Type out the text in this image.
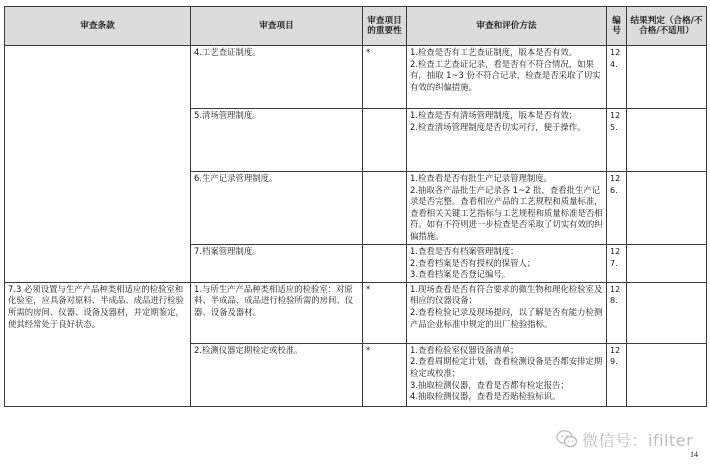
审查条款	审查项目	审查项目的重要性	审查和评价方法	编号	结果判定（合格/不合格/不适用）
	4.工艺查证制度。	*	1.检查是否有工艺查证制度，版本是否有效。
2.检查工艺查证记录，看是否有不符合情况，如果有，抽取 1~3 份不符合记录，检查是否采取了切实有效的纠偏措施。	124.	
	5.清场管理制度。		1.检查是否有清场管理制度，版本是否有效；
2.检查清场管理制度是否切实可行，便于操作。	125.	
	6.生产记录管理制度。		1.检查看是否有批生产记录管理制度。
2.抽取各产品批生产记录各 1~2 批，查看批生产记录是否完整。查看相应产品的工艺规程和质量标准，查看相关关键工艺指标与工艺规程和质量标准是否相符。如有不符则进一步检查是否采取了切实有效的纠偏措施。	126.	
	7.档案管理制度。		1.查看是否有档案管理制度；
2.查看档案是否有授权的保管人；
3.查看档案是否登记编号。	127.	
7.3 必须设置与生产产品种类相适应的检验室和化验室，应具备对原料、半成品、成品进行检验所需的房间、仪器、设备及器材，并定期鉴定，使其经常处于良好状态。	1.与所生产产品种类相适应的检验室：对原料、半成品、成品进行检验所需的房间、仪器、设备及器材。	*	1.现场查看是否有符合要求的微生物和理化检验室及相应的仪器设备；
2.查看检验记录及现场提问，以了解是否有能力检测产品企业标准中规定的出厂检验指标。	128.	
	2.检测仪器定期检定或校准。	*	1.查看检验室仪器设备清单；
2.查看周期检定计划，查看检测设备是否都安排定期检定或校准；
3.抽取检测仪器，查看是否都有检定报告；
4.抽取检测仪器，查看是否贴检验标识。	129.	
微信号：ifilter
14
